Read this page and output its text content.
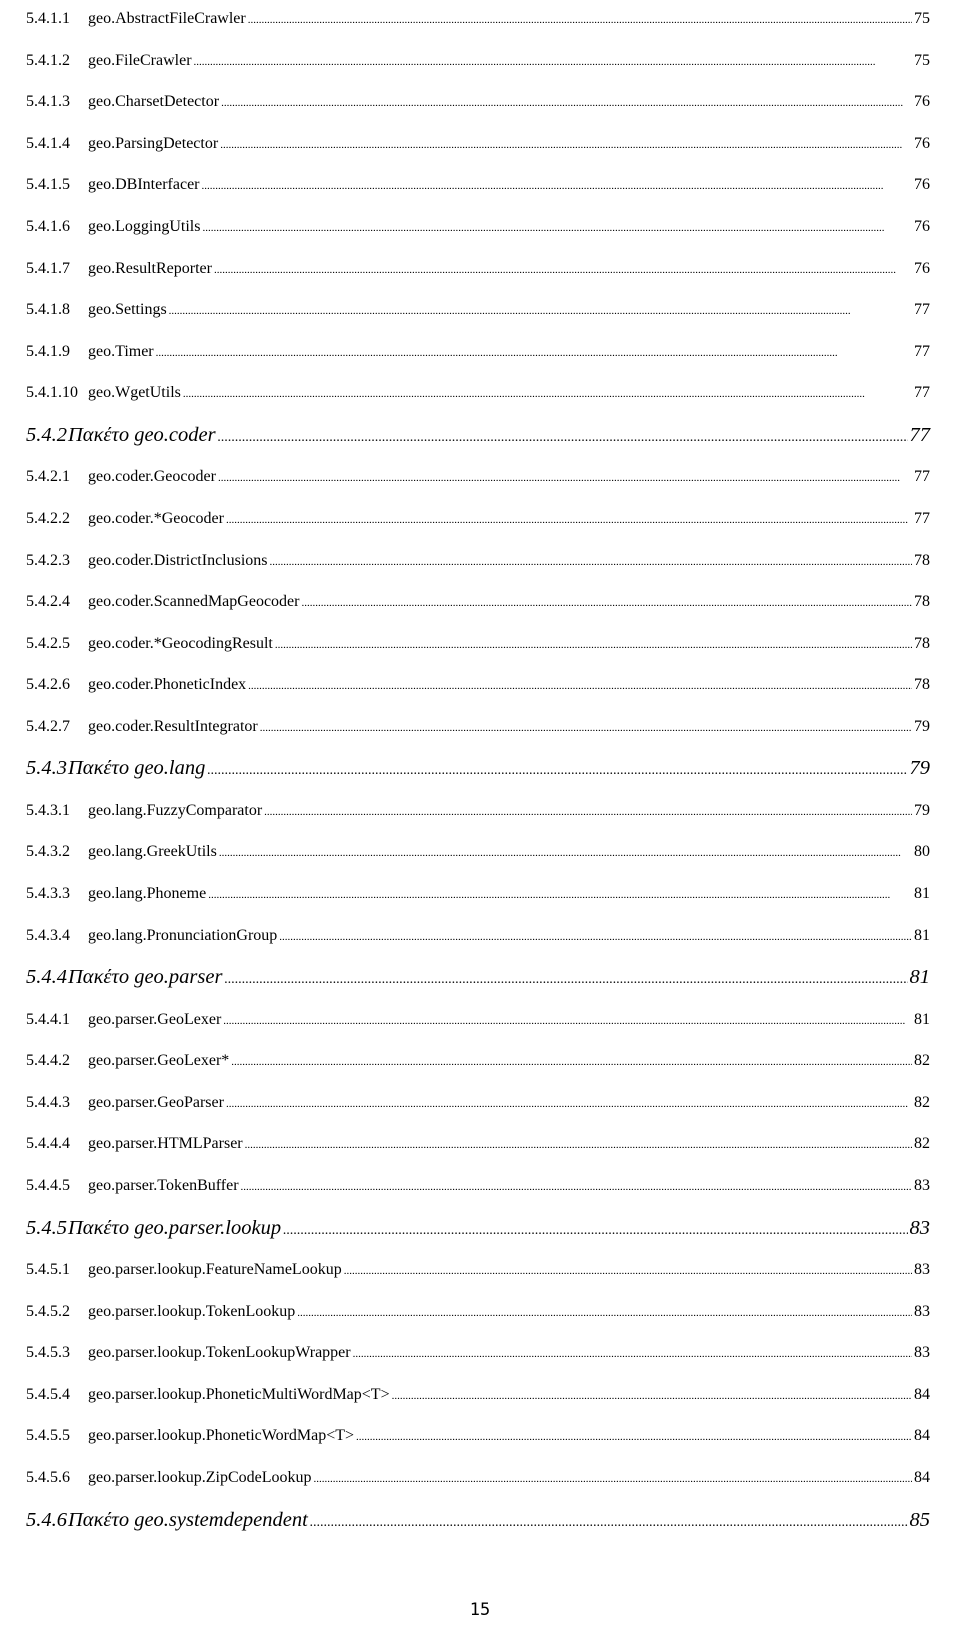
5.4.1.1	geo.AbstractFileCrawler .....	75
5.4.1.2	geo.FileCrawler .....	75
5.4.1.3	geo.CharsetDetector .....	76
5.4.1.4	geo.ParsingDetector .....	76
5.4.1.5	geo.DBInterfacer .....	76
5.4.1.6	geo.LoggingUtils .....	76
5.4.1.7	geo.ResultReporter .....	76
5.4.1.8	geo.Settings .....	77
5.4.1.9	geo.Timer .....	77
5.4.1.10 geo.WgetUtils .....	77
5.4.2 Πακέτο geo.coder .....	77
5.4.2.1	geo.coder.Geocoder .....	77
5.4.2.2	geo.coder.*Geocoder .....	77
5.4.2.3	geo.coder.DistrictInclusions .....	78
5.4.2.4	geo.coder.ScannedMapGeocoder .....	78
5.4.2.5	geo.coder.*GeocodingResult .....	78
5.4.2.6	geo.coder.PhoneticIndex .....	78
5.4.2.7	geo.coder.ResultIntegrator .....	79
5.4.3 Πακέτο geo.lang .....	79
5.4.3.1	geo.lang.FuzzyComparator .....	79
5.4.3.2	geo.lang.GreekUtils .....	80
5.4.3.3	geo.lang.Phoneme .....	81
5.4.3.4	geo.lang.PronunciationGroup .....	81
5.4.4 Πακέτο geo.parser .....	81
5.4.4.1	geo.parser.GeoLexer .....	81
5.4.4.2	geo.parser.GeoLexer* .....	82
5.4.4.3	geo.parser.GeoParser .....	82
5.4.4.4	geo.parser.HTMLParser .....	82
5.4.4.5	geo.parser.TokenBuffer .....	83
5.4.5 Πακέτο geo.parser.lookup .....	83
5.4.5.1	geo.parser.lookup.FeatureNameLookup .....	83
5.4.5.2	geo.parser.lookup.TokenLookup .....	83
5.4.5.3	geo.parser.lookup.TokenLookupWrapper .....	83
5.4.5.4	geo.parser.lookup.PhoneticMultiWordMap<T> .....	84
5.4.5.5	geo.parser.lookup.PhoneticWordMap<T> .....	84
5.4.5.6	geo.parser.lookup.ZipCodeLookup .....	84
5.4.6 Πακέτο geo.systemdependent .....	85
15
